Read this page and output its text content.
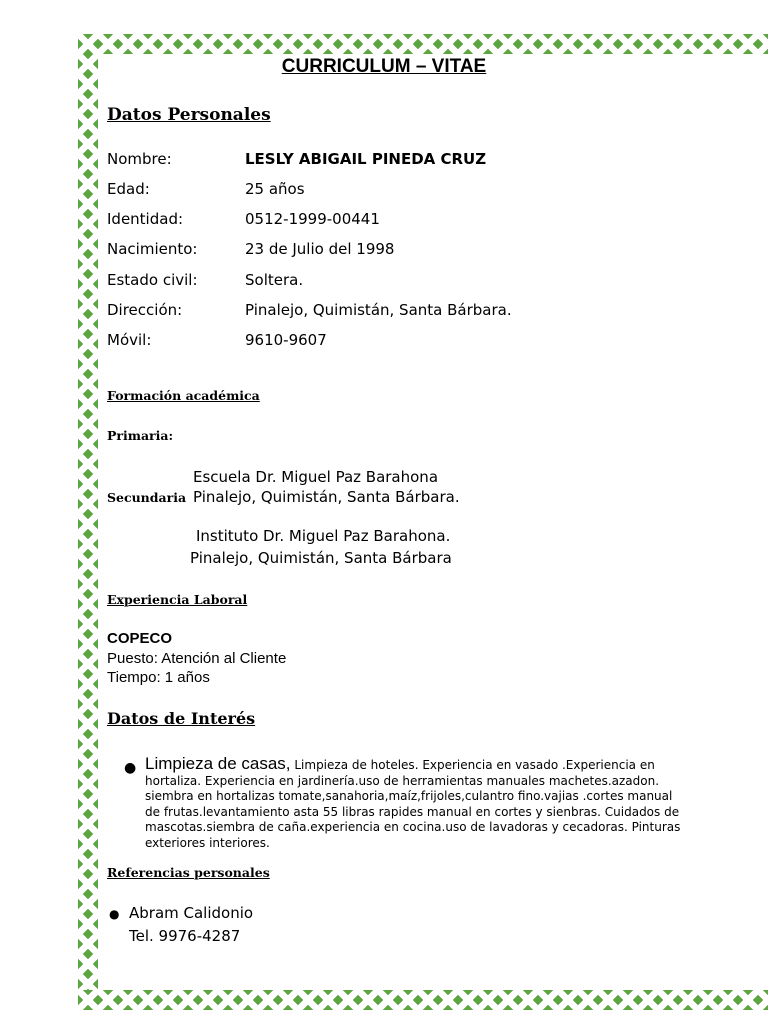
CURRICULUM – VITAE
Datos Personales
Nombre:	LESLY ABIGAIL PINEDA CRUZ
Edad:	25 años
Identidad:	0512-1999-00441
Nacimiento:	23 de Julio del 1998
Estado civil:	Soltera.
Dirección:	Pinalejo, Quimistán, Santa Bárbara.
Móvil:	9610-9607
Formación académica
Primaria:
Escuela Dr. Miguel Paz Barahona
Secundaria Pinalejo, Quimistán, Santa Bárbara.
Instituto Dr. Miguel Paz Barahona.
Pinalejo, Quimistán, Santa Bárbara
Experiencia Laboral
COPECO
Puesto: Atención al Cliente
Tiempo: 1 años
Datos de Interés
● Limpieza de casas, Limpieza de hoteles. Experiencia en vasado .Experiencia en hortaliza. Experiencia en jardinería.uso de herramientas manuales machetes.azadon. siembra en hortalizas tomate,sanahoria,maíz,frijoles,culantro fino.vajias .cortes manual de frutas.levantamiento asta 55 libras rapides manual en cortes y sienbras. Cuidados de mascotas.siembra de caña.experiencia en cocina.uso de lavadoras y cecadoras. Pinturas exteriores interiores.
Referencias personales
● Abram Calidonio
Tel. 9976-4287
